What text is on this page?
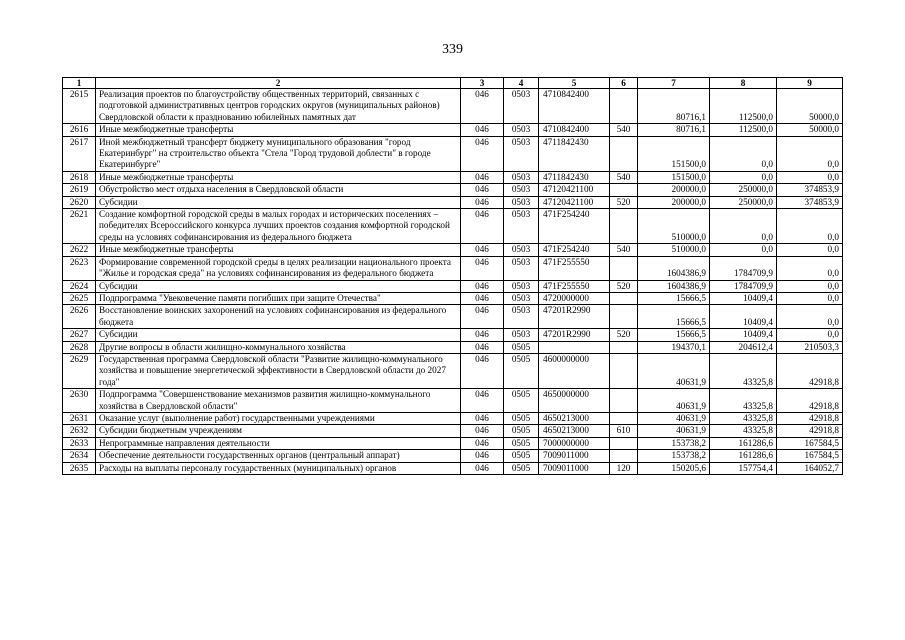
339
1	2	3	4	5	6	7	8	9
2615	Реализация проектов по благоустройству общественных территорий, связанных с подготовкой административных центров городских округов (муниципальных районов) Свердловской области к празднованию юбилейных памятных дат	046	0503	4710842400		80716,1	112500,0	50000,0
2616	Иные межбюджетные трансферты	046	0503	4710842400	540	80716,1	112500,0	50000,0
2617	Иной межбюджетный трансферт бюджету муниципального образования "город Екатеринбург" на строительство объекта "Стела "Город трудовой доблести" в городе Екатеринбурге"	046	0503	4711842430		151500,0	0,0	0,0
2618	Иные межбюджетные трансферты	046	0503	4711842430	540	151500,0	0,0	0,0
2619	Обустройство мест отдыха населения в Свердловской области	046	0503	47120421100		200000,0	250000,0	374853,9
2620	Субсидии	046	0503	47120421100	520	200000,0	250000,0	374853,9
2621	Создание комфортной городской среды в малых городах и исторических поселениях – победителях Всероссийского конкурса лучших проектов создания комфортной городской среды на условиях софинансирования из федерального бюджета	046	0503	471F254240		510000,0	0,0	0,0
2622	Иные межбюджетные трансферты	046	0503	471F254240	540	510000,0	0,0	0,0
2623	Формирование современной городской среды в целях реализации национального проекта "Жилье и городская среда" на условиях софинансирования из федерального бюджета	046	0503	471F255550		1604386,9	1784709,9	0,0
2624	Субсидии	046	0503	471F255550	520	1604386,9	1784709,9	0,0
2625	Подпрограмма "Увековечение памяти погибших при защите Отечества"	046	0503	4720000000		15666,5	10409,4	0,0
2626	Восстановление воинских захоронений на условиях софинансирования из федерального бюджета	046	0503	47201R2990		15666,5	10409,4	0,0
2627	Субсидии	046	0503	47201R2990	520	15666,5	10409,4	0,0
2628	Другие вопросы в области жилищно-коммунального хозяйства	046	0505			194370,1	204612,4	210503,3
2629	Государственная программа Свердловской области "Развитие жилищно-коммунального хозяйства и повышение энергетической эффективности в Свердловской области до 2027 года"	046	0505	4600000000		40631,9	43325,8	42918,8
2630	Подпрограмма "Совершенствование механизмов развития жилищно-коммунального хозяйства в Свердловской области"	046	0505	4650000000		40631,9	43325,8	42918,8
2631	Оказание услуг (выполнение работ) государственными учреждениями	046	0505	4650213000		40631,9	43325,8	42918,8
2632	Субсидии бюджетным учреждениям	046	0505	4650213000	610	40631,9	43325,8	42918,8
2633	Непрограммные направления деятельности	046	0505	7000000000		153738,2	161286,6	167584,5
2634	Обеспечение деятельности государственных органов (центральный аппарат)	046	0505	7009011000		153738,2	161286,6	167584,5
2635	Расходы на выплаты персоналу государственных (муниципальных) органов	046	0505	7009011000	120	150205,6	157754,4	164052,7
